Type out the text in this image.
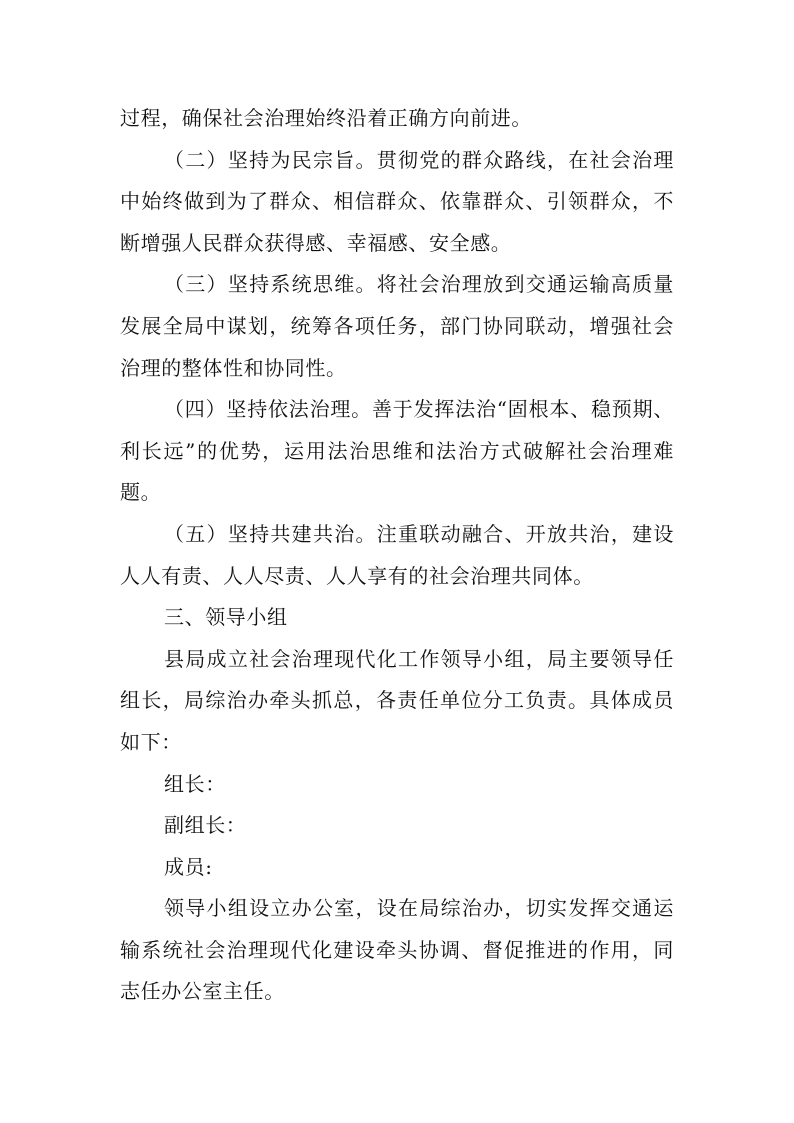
过程，确保社会治理始终沿着正确方向前进。

（二）坚持为民宗旨。贯彻党的群众路线，在社会治理中始终做到为了群众、相信群众、依靠群众、引领群众，不断增强人民群众获得感、幸福感、安全感。

（三）坚持系统思维。将社会治理放到交通运输高质量发展全局中谋划，统筹各项任务，部门协同联动，增强社会治理的整体性和协同性。

（四）坚持依法治理。善于发挥法治“固根本、稳预期、利长远”的优势，运用法治思维和法治方式破解社会治理难题。

（五）坚持共建共治。注重联动融合、开放共治，建设人人有责、人人尽责、人人享有的社会治理共同体。

三、领导小组

县局成立社会治理现代化工作领导小组，局主要领导任组长，局综治办牵头抓总，各责任单位分工负责。具体成员如下：

组长：

副组长：

成员:

领导小组设立办公室，设在局综治办，切实发挥交通运输系统社会治理现代化建设牵头协调、督促推进的作用，同志任办公室主任。
